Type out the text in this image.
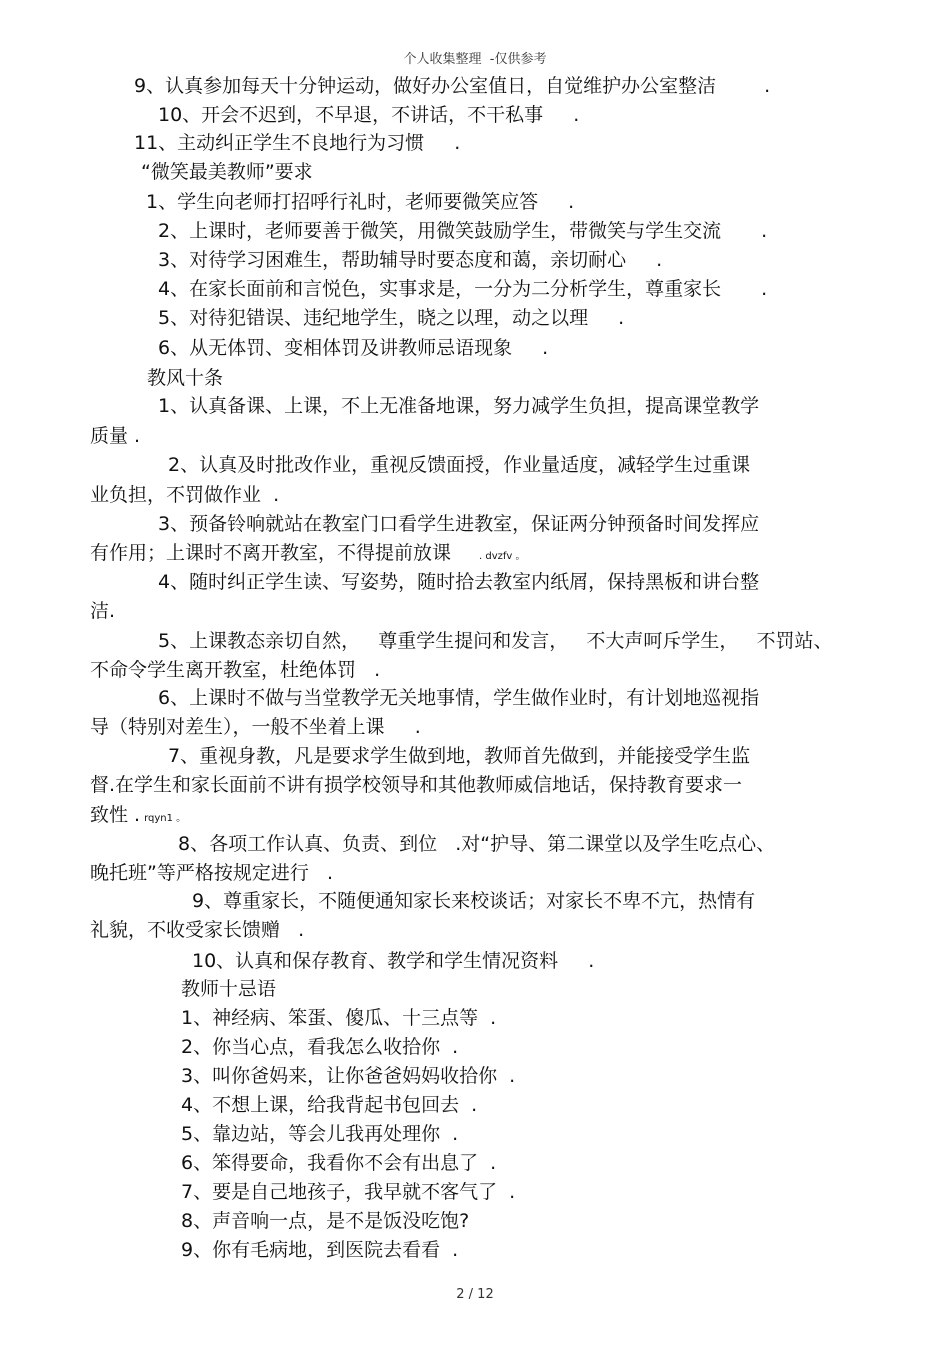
个人收集整理  -仅供参考
9、认真参加每天十分钟运动，做好办公室值日，自觉维护办公室整洁	.
10、开会不迟到，不早退，不讲话，不干私事 .
11、主动纠正学生不良地行为习惯 .
“微笑最美教师”要求
1、学生向老师打招呼行礼时，老师要微笑应答 .
2、上课时，老师要善于微笑，用微笑鼓励学生，带微笑与学生交流 .
3、对待学习困难生，帮助辅导时要态度和蔼，亲切耐心 .
4、在家长面前和言悦色，实事求是，一分为二分析学生，尊重家长 .
5、对待犯错误、违纪地学生，晓之以理，动之以理 .
6、从无体罚、变相体罚及讲教师忌语现象 .
教风十条
1、认真备课、上课，不上无准备地课，努力减学生负担，提高课堂教学
质量 .
2、认真及时批改作业，重视反馈面授，作业量适度，减轻学生过重课
业负担，不罚做作业  .
3、预备铃响就站在教室门口看学生进教室，保证两分钟预备时间发挥应
有作用；上课时不离开教室，不得提前放课	. dvzfv 。
4、随时纠正学生读、写姿势，随时拾去教室内纸屑，保持黑板和讲台整
洁.
5、上课教态亲切自然，   尊重学生提问和发言，   不大声呵斥学生，   不罚站、
不命令学生离开教室，杜绝体罚   .
6、上课时不做与当堂教学无关地事情，学生做作业时，有计划地巡视指
导（特别对差生），一般不坐着上课     .
7、重视身教，凡是要求学生做到地，教师首先做到，并能接受学生监
督.在学生和家长面前不讲有损学校领导和其他教师威信地话，保持教育要求一
致性 . rqyn1 。
8、各项工作认真、负责、到位   .对“护导、第二课堂以及学生吃点心、
晚托班”等严格按规定进行   .
9、尊重家长，不随便通知家长来校谈话；对家长不卑不亢，热情有
礼貌，不收受家长馈赠   .
10、认真和保存教育、教学和学生情况资料 .
教师十忌语
1、神经病、笨蛋、傻瓜、十三点等 .
2、你当心点，看我怎么收拾你 .
3、叫你爸妈来，让你爸爸妈妈收拾你 .
4、不想上课，给我背起书包回去 .
5、靠边站，等会儿我再处理你 .
6、笨得要命，我看你不会有出息了 .
7、要是自己地孩子，我早就不客气了 .
8、声音响一点，是不是饭没吃饱?
9、你有毛病地，到医院去看看 .
2 / 12
